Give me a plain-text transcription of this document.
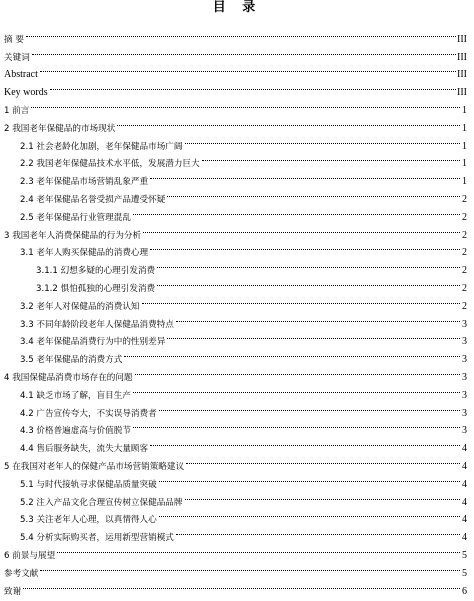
目 录
摘 要	III
关键词	III
Abstract	III
Key words	III
1 前言	1
2 我国老年保健品的市场现状	1
2.1 社会老龄化加剧，老年保健品市场广阔	1
2.2 我国老年保健品技术水平低，发展潜力巨大	1
2.3 老年保健品市场营销乱象严重	1
2.4 老年保健品名誉受损产品遭受怀疑	2
2.5 老年保健品行业管理混乱	2
3 我国老年人消费保健品的行为分析	2
3.1 老年人购买保健品的消费心理	2
3.1.1 幻想多疑的心理引发消费	2
3.1.2 惧怕孤独的心理引发消费	2
3.2 老年人对保健品的消费认知	2
3.3 不同年龄阶段老年人保健品消费特点	3
3.4 老年保健品消费行为中的性别差异	3
3.5 老年保健品的消费方式	3
4 我国保健品消费市场存在的问题	3
4.1 缺乏市场了解，盲目生产	3
4.2 广告宣传夸大，不实误导消费者	3
4.3 价格普遍虚高与价值脱节	3
4.4 售后服务缺失，流失大量顾客	4
5 在我国对老年人的保健产品市场营销策略建议	4
5.1 与时代接轨寻求保健品质量突破	4
5.2 注入产品文化合理宣传树立保健品品牌	4
5.3 关注老年人心理，以真情得人心	4
5.4 分析实际购买者，运用新型营销模式	4
6 前景与展望	5
参考文献	5
致谢	6
